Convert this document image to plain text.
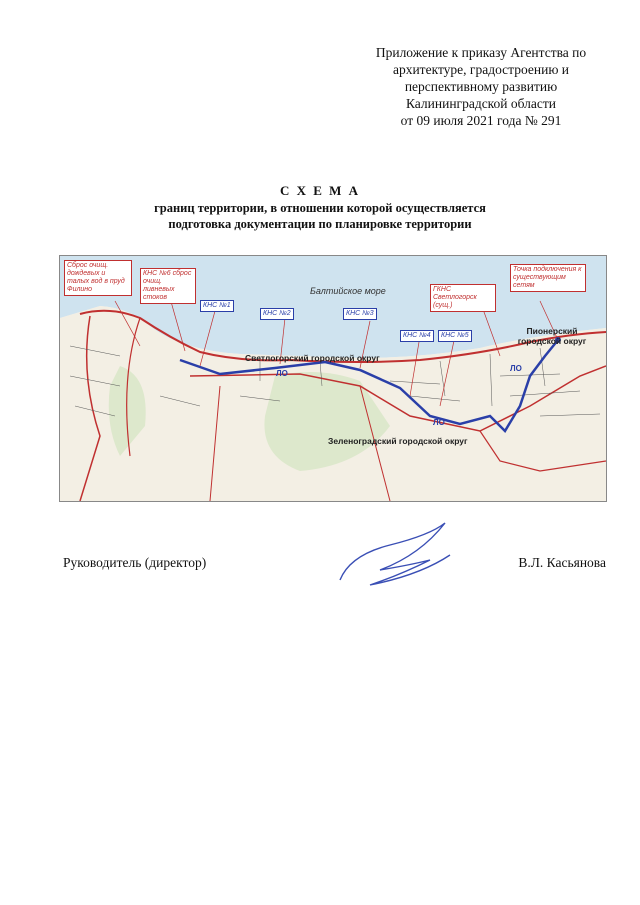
Приложение к приказу Агентства по
архитектуре, градостроению и
перспективному развитию
Калининградской области
от 09 июля 2021 года № 291
С Х Е М А
границ территории, в отношении которой осуществляется
подготовка документации по планировке территории
Сброс очищ. дождевых и талых вод в пруд Филино
КНС №6 сброс очищ. ливневых стоков
КНС №1
КНС №2	КНС №3
КНС №4	КНС №5
ГКНС Светлогорск (сущ.)
Точка подключения к существующим сетям
Балтийское море
Светлогорский городской округ
Зеленоградский городской округ
Пионерский городской округ
ЛО
ЛО
ЛО
Руководитель (директор)	В.Л. Касьянова
